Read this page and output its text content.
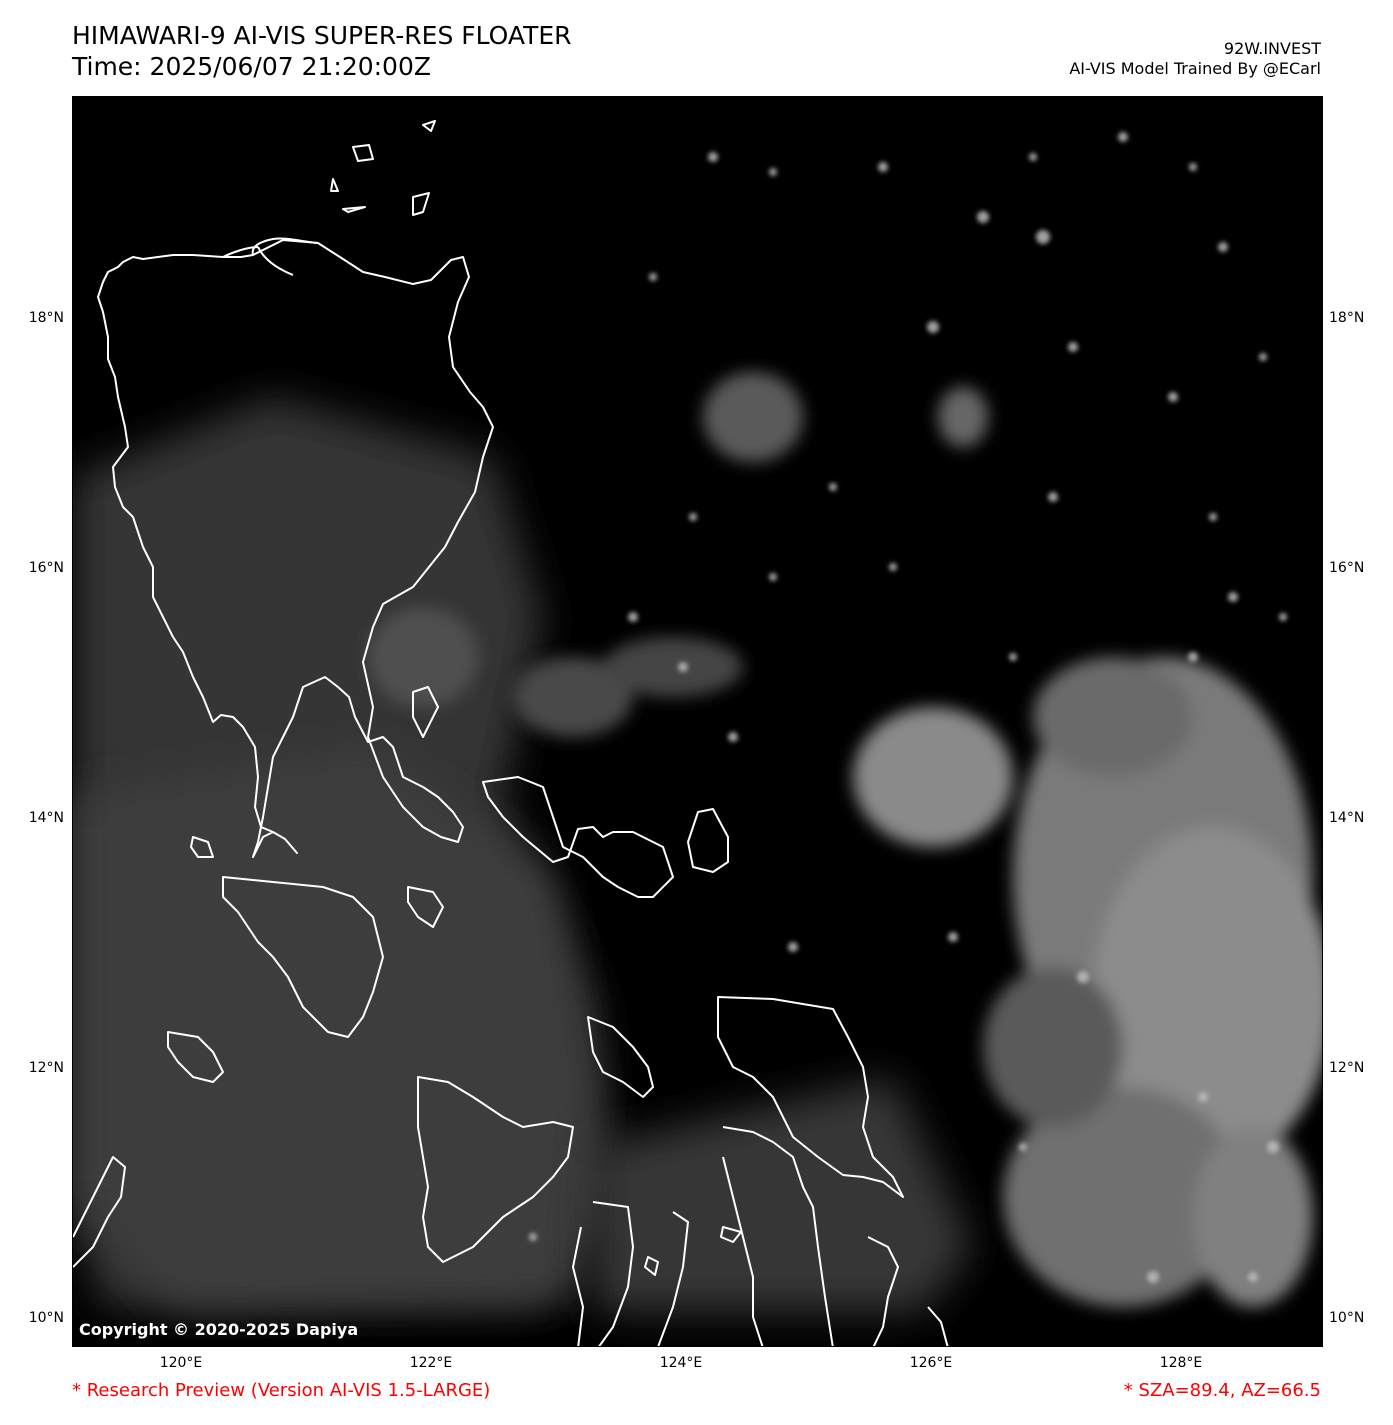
HIMAWARI-9 AI-VIS SUPER-RES FLOATER
Time: 2025/06/07 21:20:00Z
92W.INVEST
AI-VIS Model Trained By @ECarl
Copyright © 2020-2025 Dapiya
18°N
16°N
14°N
12°N
10°N
18°N
16°N
14°N
12°N
10°N
120°E	122°E	124°E	126°E	128°E
* Research Preview (Version AI-VIS 1.5-LARGE)	* SZA=89.4, AZ=66.5
